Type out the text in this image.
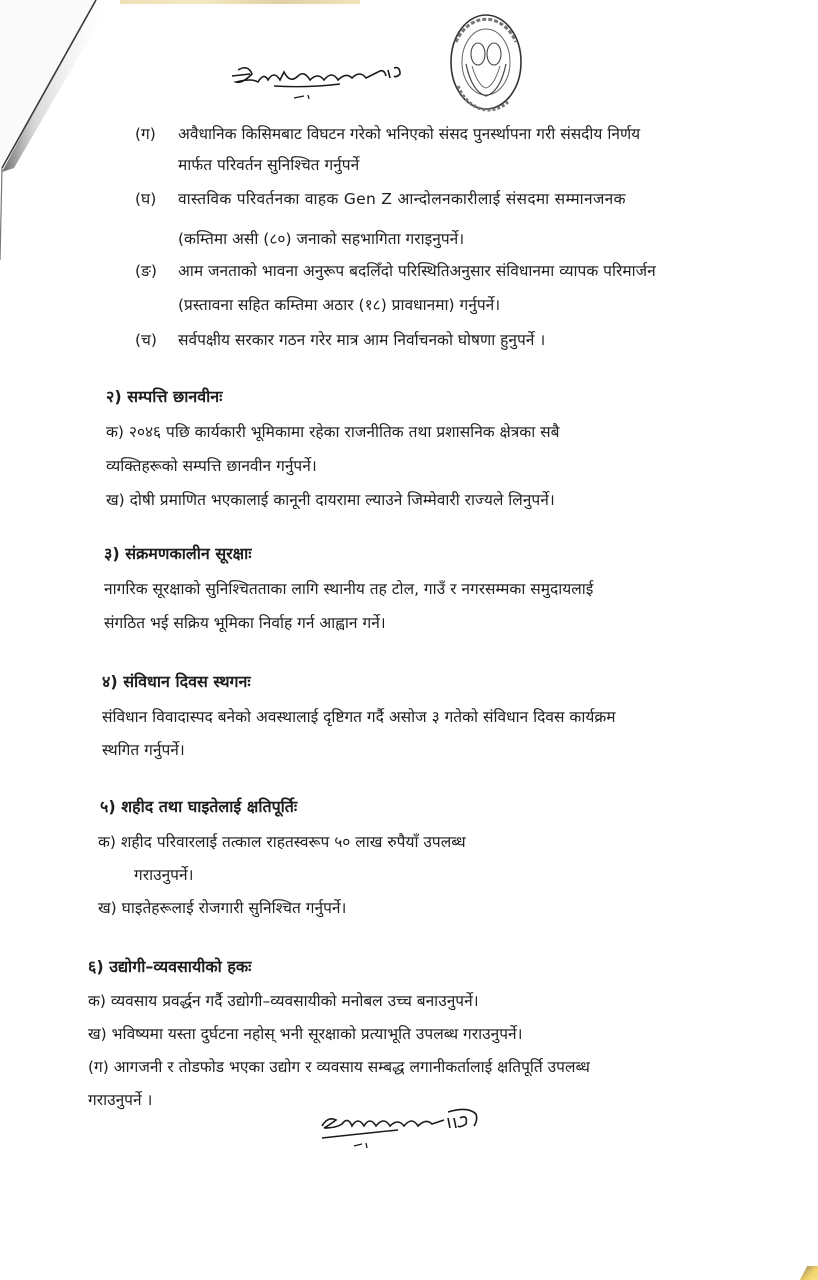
(ग) अवैधानिक किसिमबाट विघटन गरेको भनिएको संसद पुनर्स्थापना गरी संसदीय निर्णय
मार्फत परिवर्तन सुनिश्चित गर्नुपर्ने
(घ) वास्तविक परिवर्तनका वाहक Gen Z आन्दोलनकारीलाई संसदमा सम्मानजनक
(कम्तिमा असी (८०) जनाको सहभागिता गराइनुपर्ने।
(ङ) आम जनताको भावना अनुरूप बदलिँदो परिस्थितिअनुसार संविधानमा व्यापक परिमार्जन
(प्रस्तावना सहित कम्तिमा अठार (१८) प्रावधानमा) गर्नुपर्ने।
(च) सर्वपक्षीय सरकार गठन गरेर मात्र आम निर्वाचनको घोषणा हुनुपर्ने ।
२) सम्पत्ति छानवीनः
क) २०४६ पछि कार्यकारी भूमिकामा रहेका राजनीतिक तथा प्रशासनिक क्षेत्रका सबै
व्यक्तिहरूको सम्पत्ति छानवीन गर्नुपर्ने।
ख) दोषी प्रमाणित भएकालाई कानूनी दायरामा ल्याउने जिम्मेवारी राज्यले लिनुपर्ने।
३) संक्रमणकालीन सूरक्षाः
नागरिक सूरक्षाको सुनिश्चितताका लागि स्थानीय तह टोल, गाउँ र नगरसम्मका समुदायलाई
संगठित भई सक्रिय भूमिका निर्वाह गर्न आह्वान गर्ने।
४) संविधान दिवस स्थगनः
संविधान विवादास्पद बनेको अवस्थालाई दृष्टिगत गर्दै असोज ३ गतेको संविधान दिवस कार्यक्रम
स्थगित गर्नुपर्ने।
५) शहीद तथा घाइतेलाई क्षतिपूर्तिः
क) शहीद परिवारलाई तत्काल राहतस्वरूप ५० लाख रुपैयाँ उपलब्ध
गराउनुपर्ने।
ख) घाइतेहरूलाई रोजगारी सुनिश्चित गर्नुपर्ने।
६) उद्योगी–व्यवसायीको हकः
क) व्यवसाय प्रवर्द्धन गर्दै उद्योगी–व्यवसायीको मनोबल उच्च बनाउनुपर्ने।
ख) भविष्यमा यस्ता दुर्घटना नहोस् भनी सूरक्षाको प्रत्याभूति उपलब्ध गराउनुपर्ने।
(ग) आगजनी र तोडफोड भएका उद्योग र व्यवसाय सम्बद्ध लगानीकर्तालाई क्षतिपूर्ति उपलब्ध
गराउनुपर्ने ।
